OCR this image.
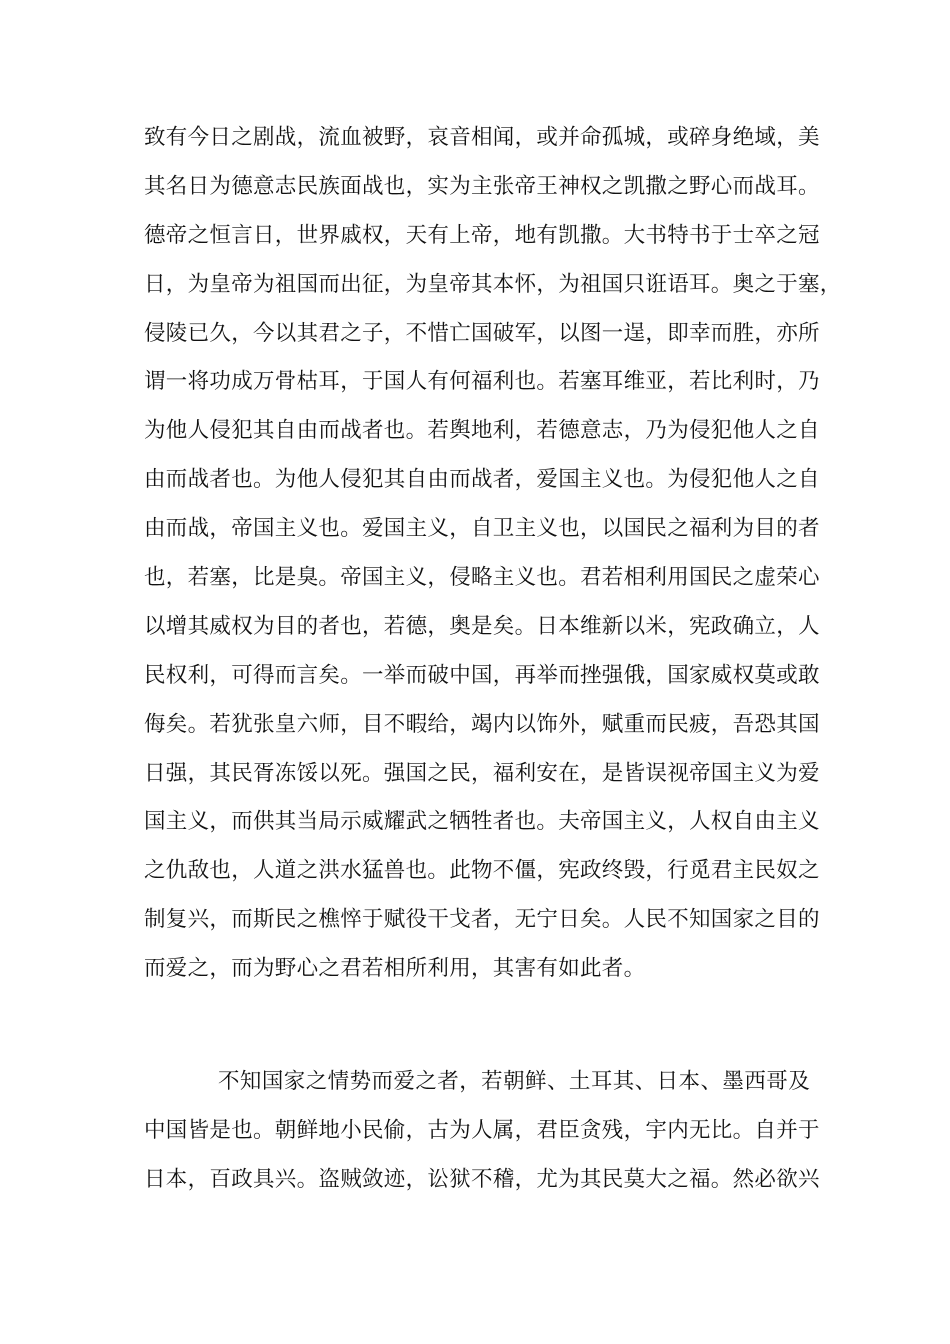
致有今日之剧战，流血被野，哀音相闻，或并命孤城，或碎身绝域，美
其名日为德意志民族面战也，实为主张帝王神权之凯撒之野心而战耳。
德帝之恒言日，世界戚权，天有上帝，地有凯撒。大书特书于士卒之冠
日，为皇帝为祖国而出征，为皇帝其本怀，为祖国只诳语耳。奥之于塞，
侵陵已久，今以其君之子，不惜亡国破军，以图一逞，即幸而胜，亦所
谓一将功成万骨枯耳，于国人有何福利也。若塞耳维亚，若比利时，乃
为他人侵犯其自由而战者也。若舆地利，若德意志，乃为侵犯他人之自
由而战者也。为他人侵犯其自由而战者，爱国主义也。为侵犯他人之自
由而战，帝国主义也。爱国主义，自卫主义也，以国民之福利为目的者
也，若塞，比是臭。帝国主义，侵略主义也。君若相利用国民之虚荣心
以增其威权为目的者也，若德，奥是矣。日本维新以米，宪政确立，人
民权利，可得而言矣。一举而破中国，再举而挫强俄，国家威权莫或敢
侮矣。若犹张皇六师，目不暇给，竭内以饰外，赋重而民疲，吾恐其国
日强，其民胥冻馁以死。强国之民，福利安在，是皆误视帝国主义为爱
国主义，而供其当局示威耀武之牺牲者也。夫帝国主义，人权自由主义
之仇敌也，人道之洪水猛兽也。此物不僵，宪政终毁，行觅君主民奴之
制复兴，而斯民之樵悴于赋役干戈者，无宁日矣。人民不知国家之目的
而爱之，而为野心之君若相所利用，其害有如此者。

不知国家之情势而爱之者，若朝鲜、土耳其、日本、墨西哥及
中国皆是也。朝鲜地小民偷，古为人属，君臣贪残，宇内无比。自并于
日本，百政具兴。盗贼敛迹，讼狱不稽，尤为其民莫大之福。然必欲兴
